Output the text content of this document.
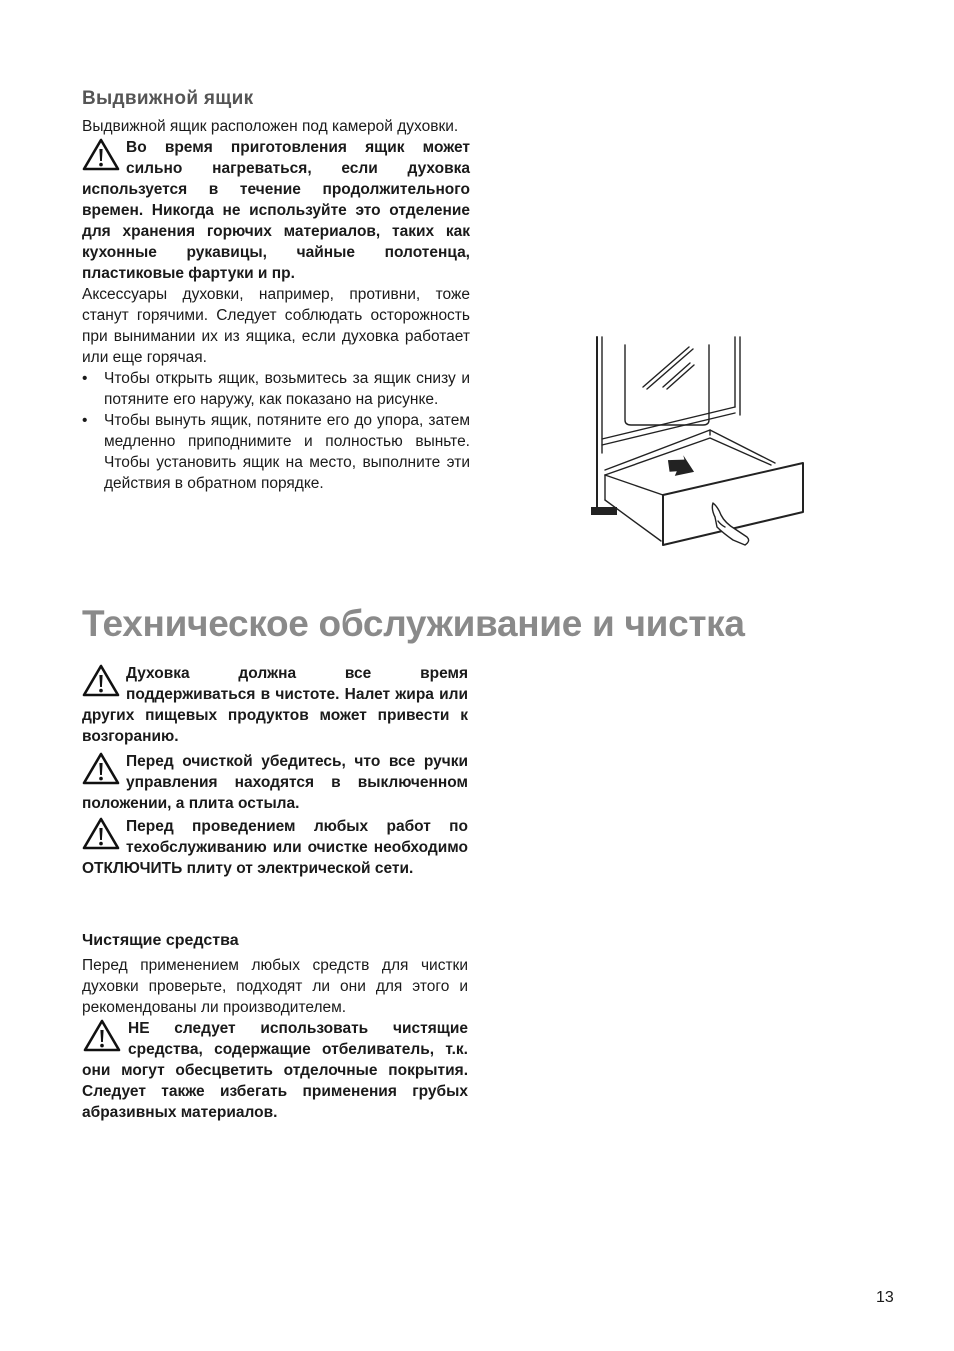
Выдвижной ящик

Выдвижной ящик расположен под камерой духовки.

Во время приготовления ящик может сильно нагреваться, если духовка используется в течение продолжительного времен. Никогда не используйте это отделение для хранения горючих материалов, таких как кухонные рукавицы, чайные полотенца, пластиковые фартуки и пр.

Аксессуары духовки, например, противни, тоже станут горячими. Следует соблюдать осторожность при вынимании их из ящика, если духовка работает или еще горячая.

• Чтобы открыть ящик, возьмитесь за ящик снизу и потяните его наружу, как показано на рисунке.
• Чтобы вынуть ящик, потяните его до упора, затем медленно приподнимите и полностью выньте. Чтобы установить ящик на место, выполните эти действия в обратном порядке.
Техническое обслуживание и чистка

Духовка должна все время поддерживаться в чистоте. Налет жира или других пищевых продуктов может привести к возгоранию.

Перед очисткой убедитесь, что все ручки управления находятся в выключенном положении, а плита остыла.

Перед проведением любых работ по техобслуживанию или очистке необходимо ОТКЛЮЧИТЬ плиту от электрической сети.

Чистящие средства

Перед применением любых средств для чистки духовки проверьте, подходят ли они для этого и рекомендованы ли производителем.

НЕ следует использовать чистящие средства, содержащие отбеливатель, т.к. они могут обесцветить отделочные покрытия. Следует также избегать применения грубых абразивных материалов.

13
